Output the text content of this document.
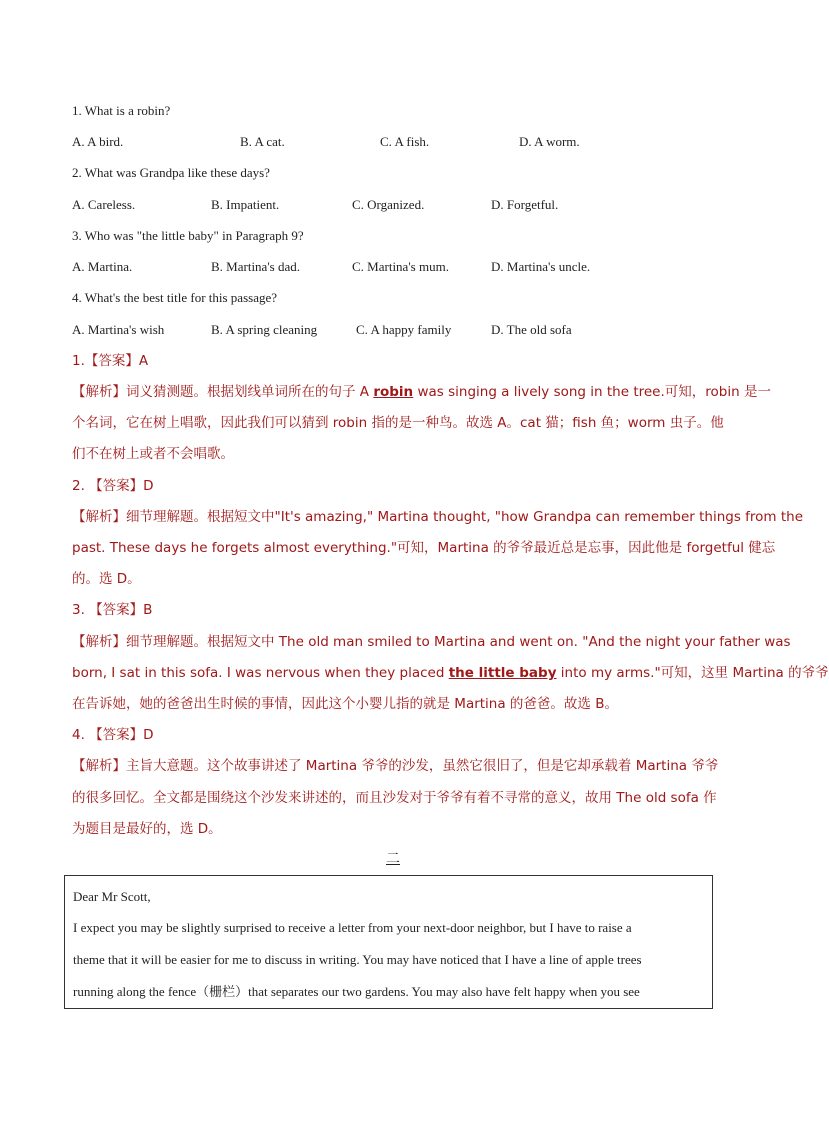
1. What is a robin?
A. A bird.	B. A cat.	C. A fish.	D. A worm.
2. What was Grandpa like these days?
A. Careless.	B. Impatient.	C. Organized.	D. Forgetful.
3. Who was "the little baby" in Paragraph 9?
A. Martina.	B. Martina's dad.	C. Martina's mum.	D. Martina's uncle.
4. What's the best title for this passage?
A. Martina's wish	B. A spring cleaning	C. A happy family	D. The old sofa
1.【答案】A
【解析】词义猜测题。根据划线单词所在的句子 A robin was singing a lively song in the tree.可知，robin 是一
个名词，它在树上唱歌，因此我们可以猜到 robin 指的是一种鸟。故选 A。cat 猫；fish 鱼；worm 虫子。他
们不在树上或者不会唱歌。
2. 【答案】D
【解析】细节理解题。根据短文中"It's amazing," Martina thought, "how Grandpa can remember things from the
past. These days he forgets almost everything."可知，Martina 的爷爷最近总是忘事，因此他是 forgetful 健忘
的。选 D。
3. 【答案】B
【解析】细节理解题。根据短文中 The old man smiled to Martina and went on. "And the night your father was
born, I sat in this sofa. I was nervous when they placed the little baby into my arms."可知，这里 Martina 的爷爷
在告诉她，她的爸爸出生时候的事情，因此这个小婴儿指的就是 Martina 的爸爸。故选 B。
4. 【答案】D
【解析】主旨大意题。这个故事讲述了 Martina 爷爷的沙发，虽然它很旧了，但是它却承载着 Martina 爷爷
的很多回忆。全文都是围绕这个沙发来讲述的，而且沙发对于爷爷有着不寻常的意义，故用 The old sofa 作
为题目是最好的，选 D。
二
Dear Mr Scott,
I expect you may be slightly surprised to receive a letter from your next-door neighbor, but I have to raise a
theme that it will be easier for me to discuss in writing. You may have noticed that I have a line of apple trees
running along the fence（栅栏）that separates our two gardens. You may also have felt happy when you see
